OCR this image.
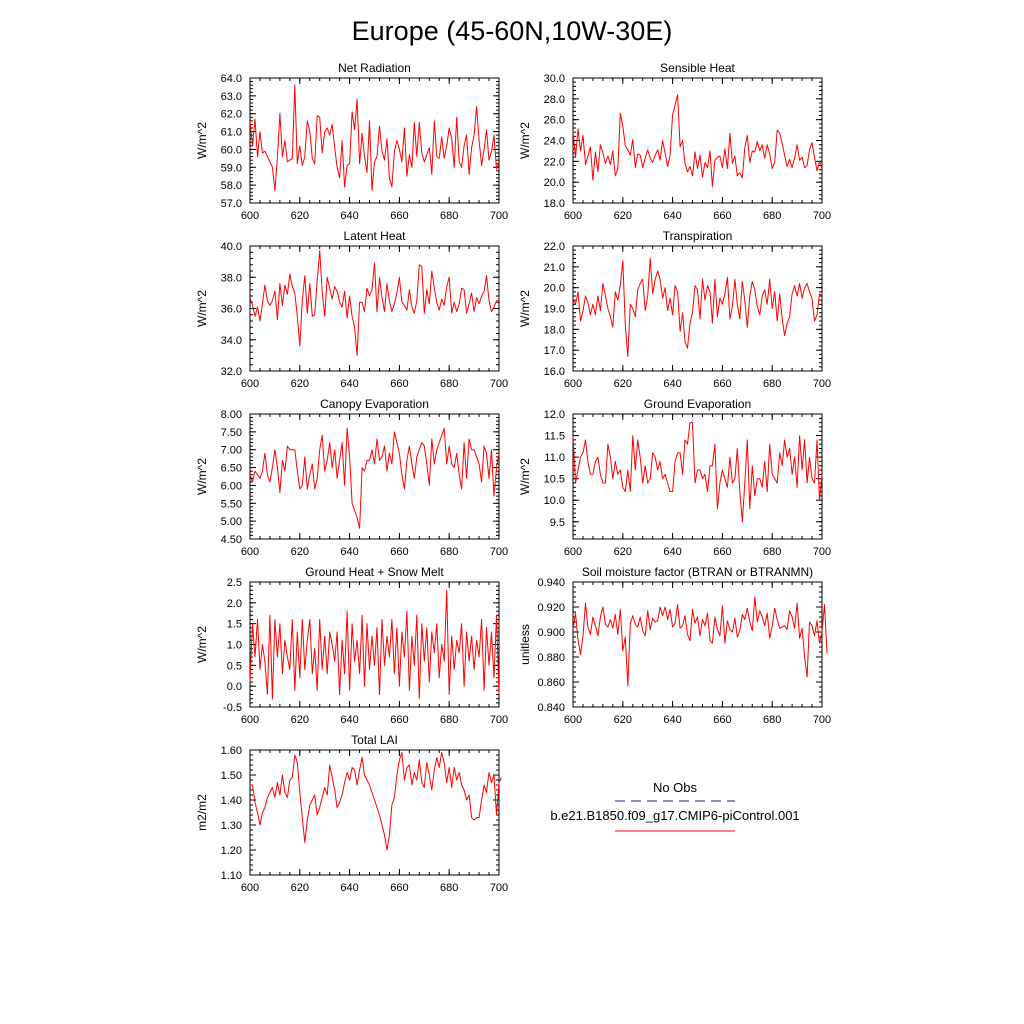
Europe (45-60N,10W-30E)
Net Radiation
W/m^2
600	620	640	660	680	700
57.0
58.0
59.0
60.0
61.0
62.0
63.0
64.0
Sensible Heat
W/m^2
600	620	640	660	680	700
18.0
20.0
22.0
24.0
26.0
28.0
30.0
Latent Heat
W/m^2
600	620	640	660	680	700
32.0
34.0
36.0
38.0
40.0
Transpiration
W/m^2
600	620	640	660	680	700
16.0
17.0
18.0
19.0
20.0
21.0
22.0
Canopy Evaporation
W/m^2
600	620	640	660	680	700
4.50
5.00
5.50
6.00
6.50
7.00
7.50
8.00
Ground Evaporation
W/m^2
600	620	640	660	680	700
9.5
10.0
10.5
11.0
11.5
12.0
Ground Heat + Snow Melt
W/m^2
600	620	640	660	680	700
-0.5
0.0
0.5
1.0
1.5
2.0
2.5
Soil moisture factor (BTRAN or BTRANMN)
unitless
600	620	640	660	680	700
0.840
0.860
0.880
0.900
0.920
0.940
Total LAI
m2/m2
600	620	640	660	680	700
1.10
1.20
1.30
1.40
1.50
1.60
No Obs
b.e21.B1850.f09_g17.CMIP6-piControl.001
